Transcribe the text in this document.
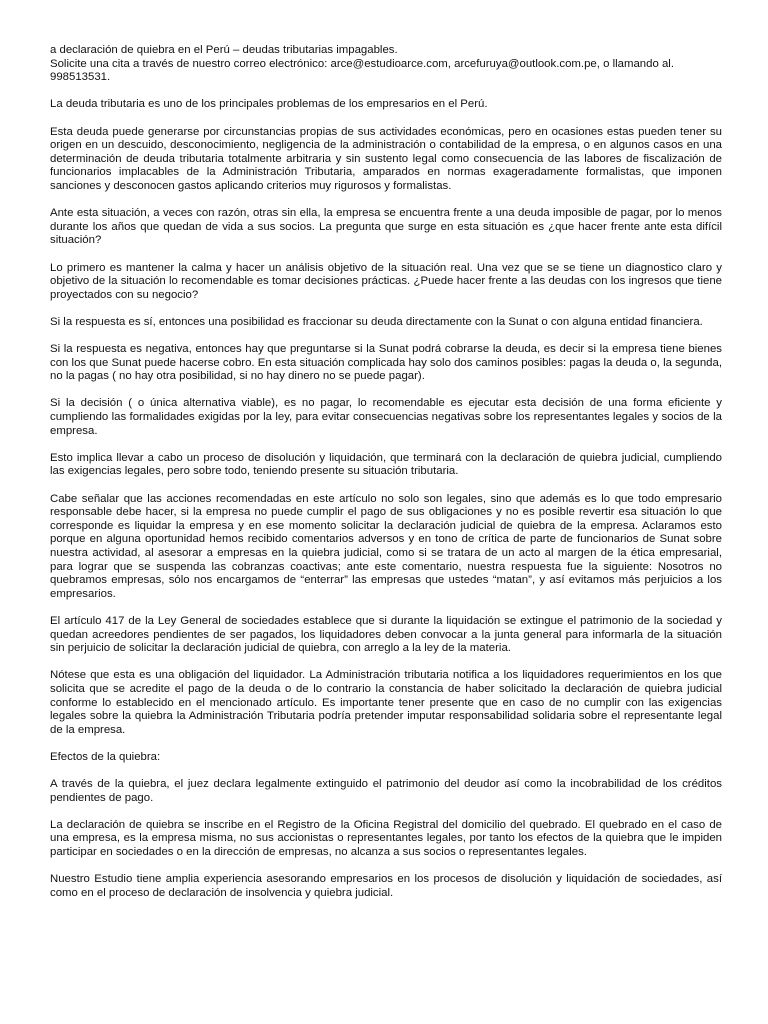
a declaración de quiebra en el Perú – deudas tributarias impagables.
Solicite una cita a través de nuestro correo electrónico: arce@estudioarce.com, arcefuruya@outlook.com.pe, o llamando al. 998513531.

La deuda tributaria es uno de los principales problemas de los empresarios en el Perú.

Esta deuda puede generarse por circunstancias propias de sus actividades económicas, pero en ocasiones estas pueden tener su origen en un descuido, desconocimiento, negligencia de la administración o contabilidad de la empresa, o en algunos casos en una determinación de deuda tributaria totalmente arbitraria y sin sustento legal como consecuencia de las labores de fiscalización de funcionarios implacables de la Administración Tributaria, amparados en normas exageradamente formalistas, que imponen sanciones y desconocen gastos aplicando criterios muy rigurosos y formalistas.

Ante esta situación, a veces con razón, otras sin ella, la empresa se encuentra frente a una deuda imposible de pagar, por lo menos durante los años que quedan de vida a sus socios. La pregunta que surge en esta situación es ¿que hacer frente ante esta difícil situación?

Lo primero es mantener la calma y hacer un análisis objetivo de la situación real. Una vez que se se tiene un diagnostico claro y objetivo de la situación lo recomendable es tomar decisiones prácticas. ¿Puede hacer frente a las deudas con los ingresos que tiene proyectados con su negocio?

Si la respuesta es sí, entonces una posibilidad es fraccionar su deuda directamente con la Sunat o con alguna entidad financiera.

Si la respuesta es negativa, entonces hay que preguntarse si la Sunat podrá cobrarse la deuda, es decir si la empresa tiene bienes con los que Sunat puede hacerse cobro. En esta situación complicada hay solo dos caminos posibles: pagas la deuda o, la segunda, no la pagas ( no hay otra posibilidad, si no hay dinero no se puede pagar).

Si la decisión ( o única alternativa viable), es no pagar, lo recomendable es ejecutar esta decisión de una forma eficiente y cumpliendo las formalidades exigidas por la ley, para evitar consecuencias negativas sobre los representantes legales y socios de la empresa.

Esto implica llevar a cabo un proceso de disolución y liquidación, que terminará con la declaración de quiebra judicial, cumpliendo las exigencias legales, pero sobre todo, teniendo presente su situación tributaria.

Cabe señalar que las acciones recomendadas en este artículo no solo son legales, sino que además es lo que todo empresario responsable debe hacer, si la empresa no puede cumplir el pago de sus obligaciones y no es posible revertir esa situación lo que corresponde es liquidar la empresa y en ese momento solicitar la declaración judicial de quiebra de la empresa. Aclaramos esto porque en alguna oportunidad hemos recibido comentarios adversos y en tono de crítica de parte de funcionarios de Sunat sobre nuestra actividad, al asesorar a empresas en la quiebra judicial, como si se tratara de un acto al margen de la ética empresarial, para lograr que se suspenda las cobranzas coactivas; ante este comentario, nuestra respuesta fue la siguiente: Nosotros no quebramos empresas, sólo nos encargamos de “enterrar” las empresas que ustedes “matan”, y así evitamos más perjuicios a los empresarios.

El artículo 417 de la Ley General de sociedades establece que si durante la liquidación se extingue el patrimonio de la sociedad y quedan acreedores pendientes de ser pagados, los liquidadores deben convocar a la junta general para informarla de la situación sin perjuicio de solicitar la declaración judicial de quiebra, con arreglo a la ley de la materia.

Nótese que esta es una obligación del liquidador. La Administración tributaria notifica a los liquidadores requerimientos en los que solicita que se acredite el pago de la deuda o de lo contrario la constancia de haber solicitado la declaración de quiebra judicial conforme lo establecido en el mencionado artículo. Es importante tener presente que en caso de no cumplir con las exigencias legales sobre la quiebra la Administración Tributaria podría pretender imputar responsabilidad solidaria sobre el representante legal de la empresa.

Efectos de la quiebra:

A través de la quiebra, el juez declara legalmente extinguido el patrimonio del deudor así como la incobrabilidad de los créditos pendientes de pago.

La declaración de quiebra se inscribe en el Registro de la Oficina Registral del domicilio del quebrado. El quebrado en el caso de una empresa, es la empresa misma, no sus accionistas o representantes legales, por tanto los efectos de la quiebra que le impiden participar en sociedades o en la dirección de empresas, no alcanza a sus socios o representantes legales.

Nuestro Estudio tiene amplia experiencia asesorando empresarios en los procesos de disolución y liquidación de sociedades, así como en el proceso de declaración de insolvencia y quiebra judicial.
